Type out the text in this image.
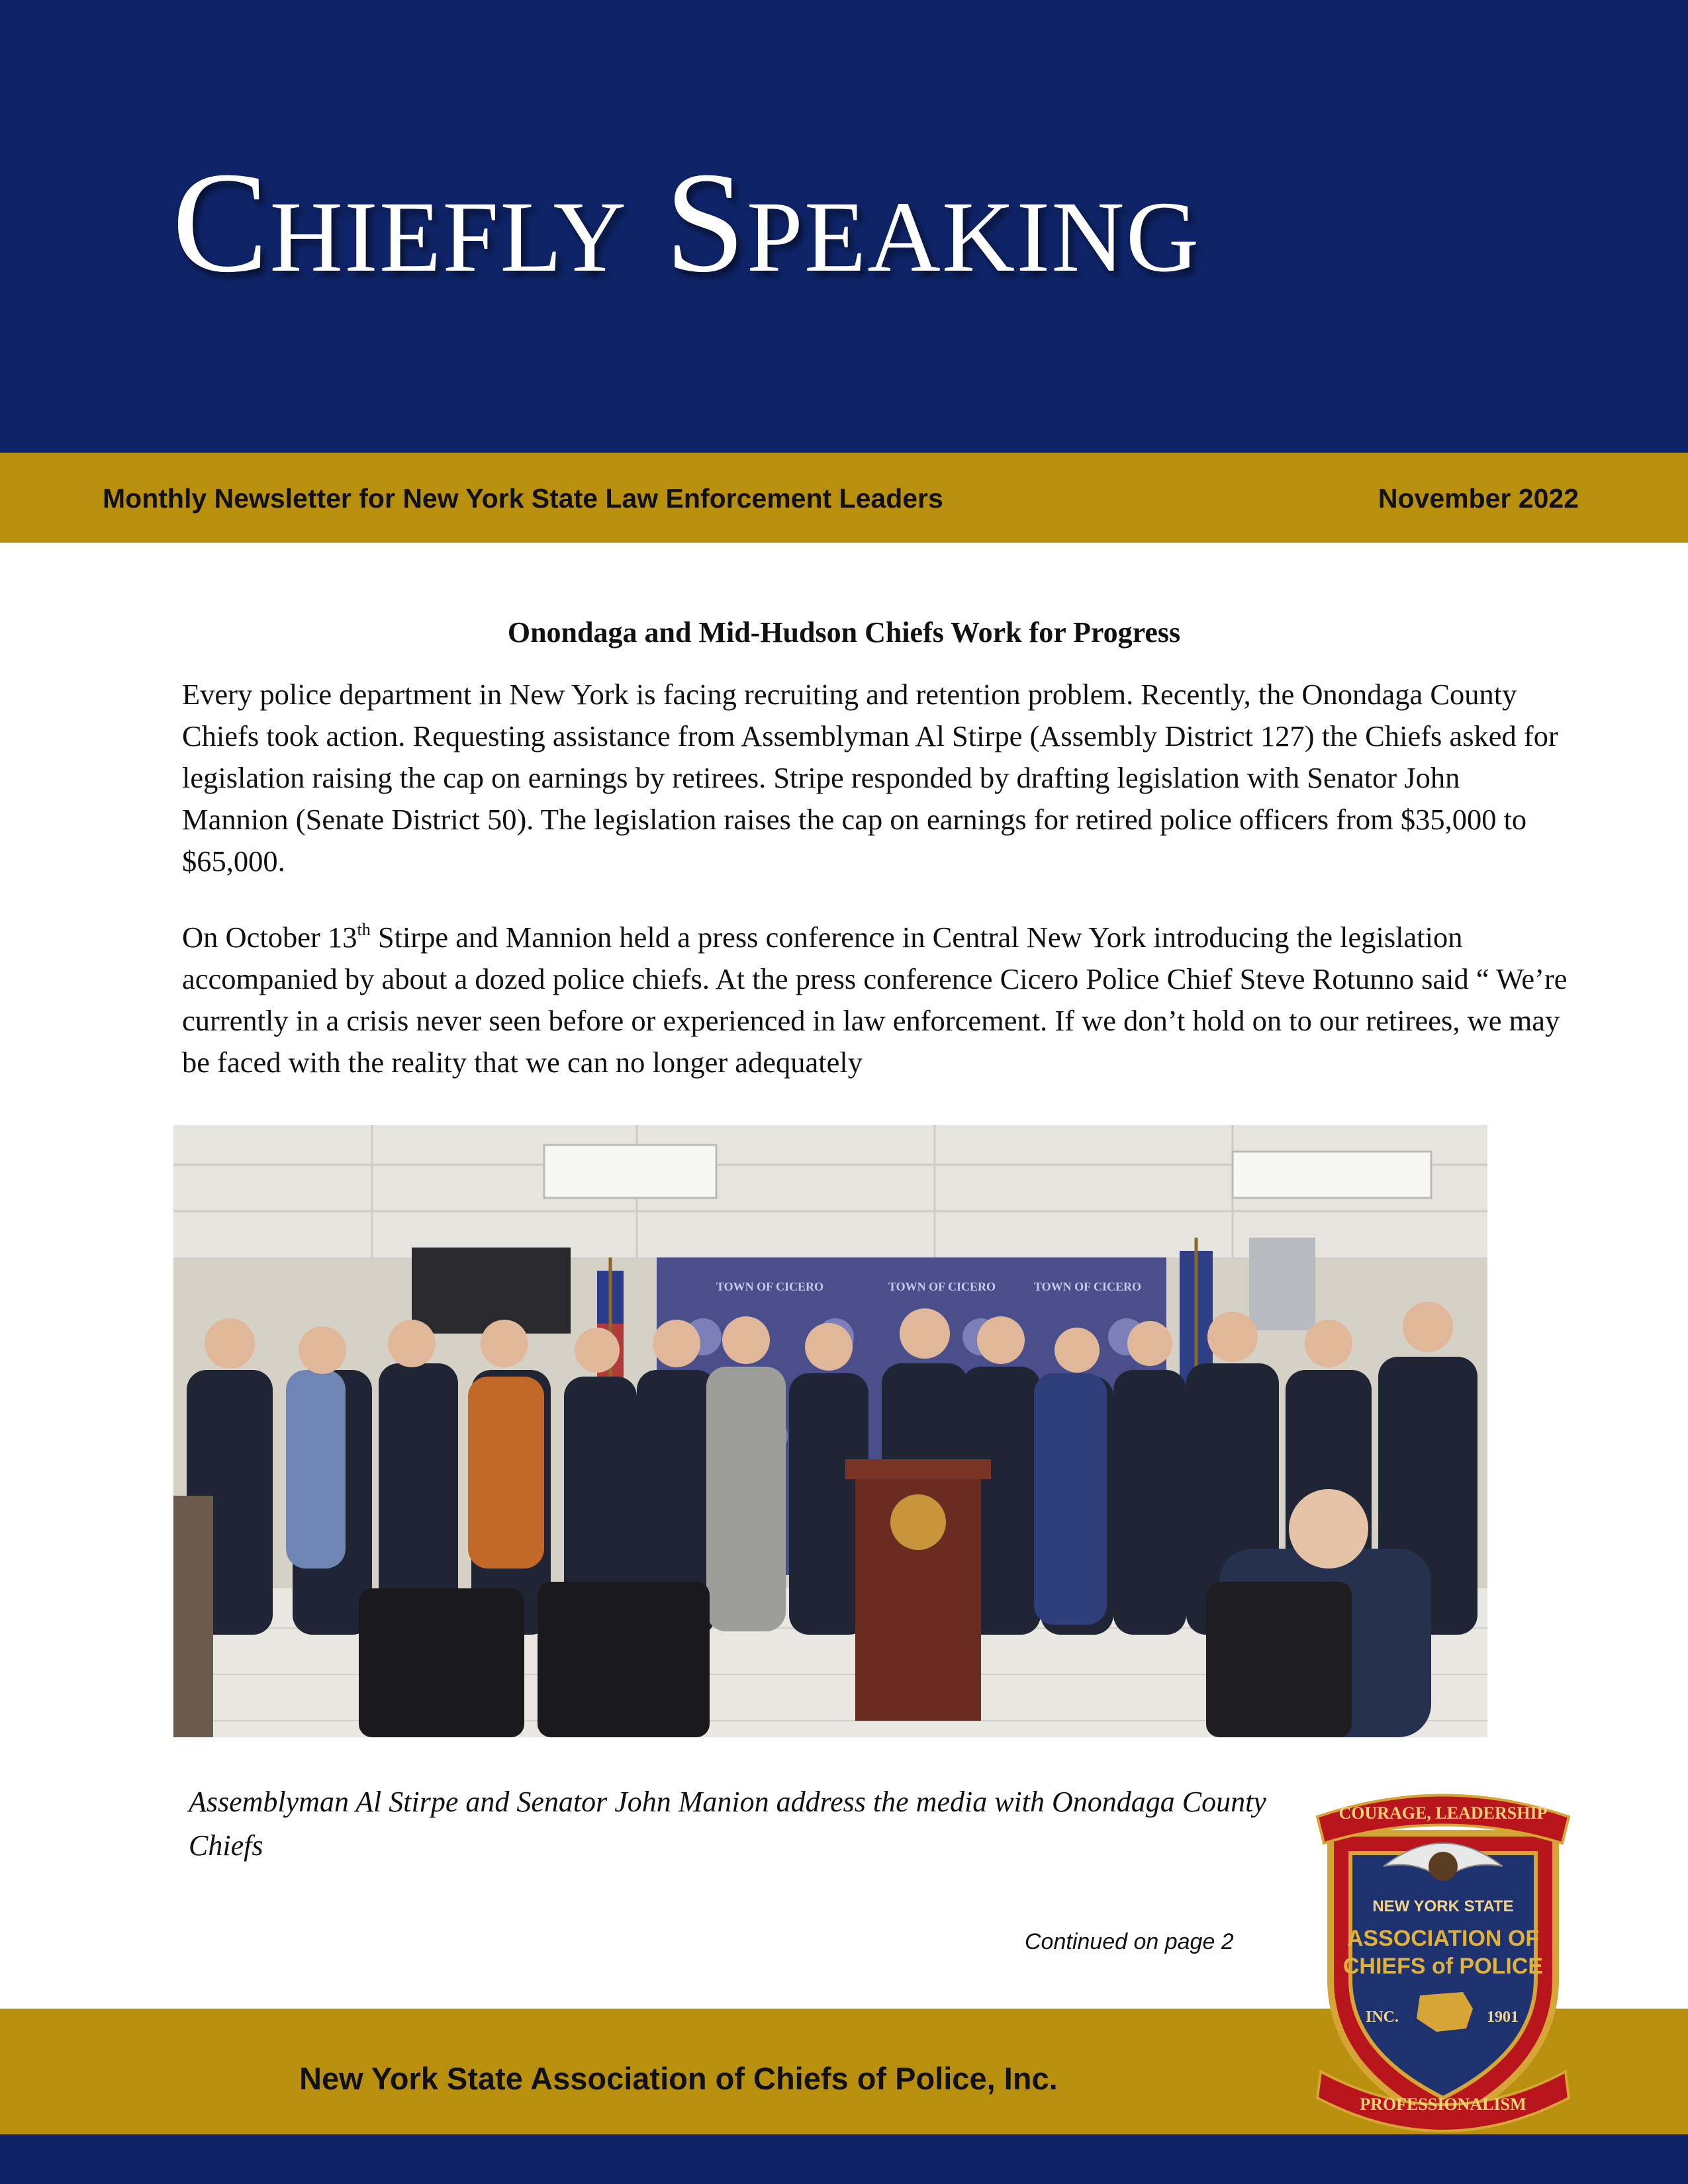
Chiefly Speaking
Monthly Newsletter for New York State Law Enforcement Leaders	November 2022
Onondaga and Mid-Hudson Chiefs Work for Progress

Every police department in New York is facing recruiting and retention problem. Recently, the Onondaga County Chiefs took action. Requesting assistance from Assemblyman Al Stirpe (Assembly District 127) the Chiefs asked for legislation raising the cap on earnings by retirees. Stripe responded by drafting legislation with Senator John Mannion (Senate District 50). The legislation raises the cap on earnings for retired police officers from $35,000 to $65,000.

On October 13th Stirpe and Mannion held a press conference in Central New York introducing the legislation accompanied by about a dozed police chiefs. At the press conference Cicero Police Chief Steve Rotunno said “ We’re currently in a crisis never seen before or experienced in law enforcement. If we don’t hold on to our retirees, we may be faced with the reality that we can no longer adequately

TOWN OF CICERO	TOWN OF CICERO	TOWN OF CICERO

Assemblyman Al Stirpe and Senator John Manion address the media with Onondaga County Chiefs

Continued on page 2
New York State Association of Chiefs of Police, Inc.
COURAGE, LEADERSHIP
NEW YORK STATE
ASSOCIATION OF
CHIEFS of POLICE
INC.	1901
PROFESSIONALISM
